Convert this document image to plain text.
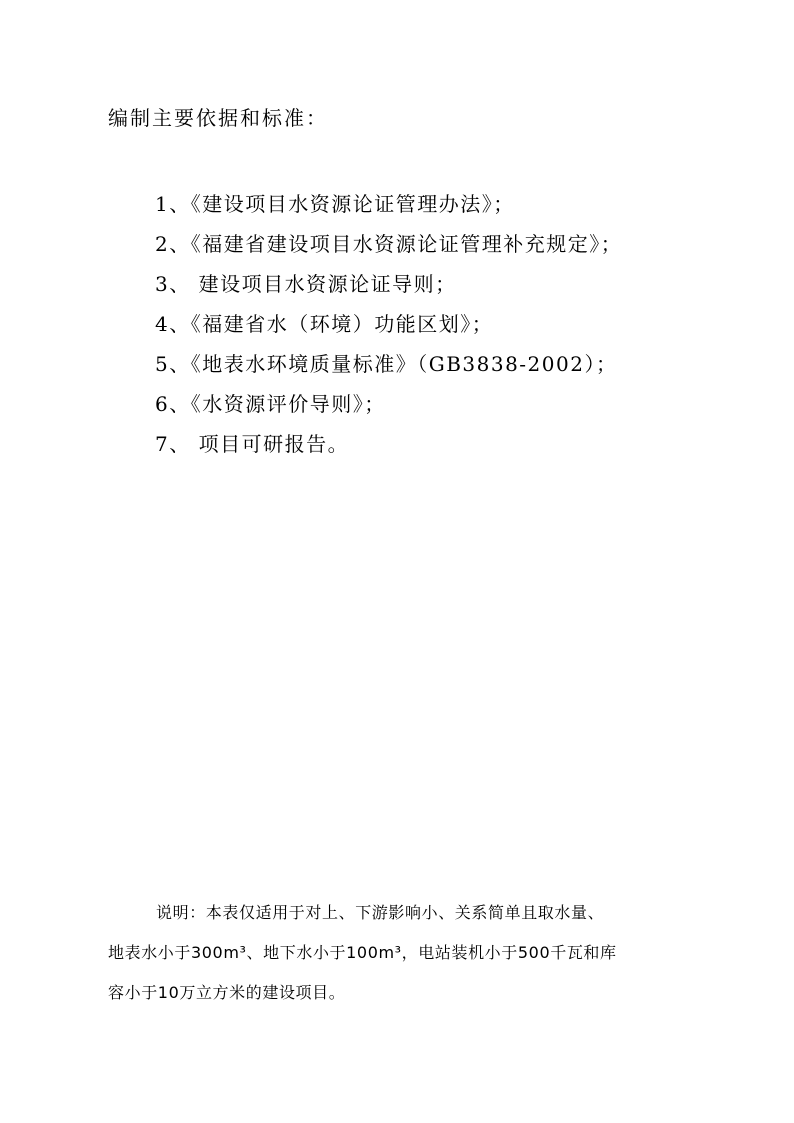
编制主要依据和标准：
1、《建设项目水资源论证管理办法》；
2、《福建省建设项目水资源论证管理补充规定》；
3、 建设项目水资源论证导则；
4、《福建省水（环境）功能区划》；
5、《地表水环境质量标准》（GB3838-2002）；
6、《水资源评价导则》；
7、 项目可研报告。

说明：本表仅适用于对上、下游影响小、关系简单且取水量、
地表水小于300m³、地下水小于100m³，电站装机小于500千瓦和库
容小于10万立方米的建设项目。
